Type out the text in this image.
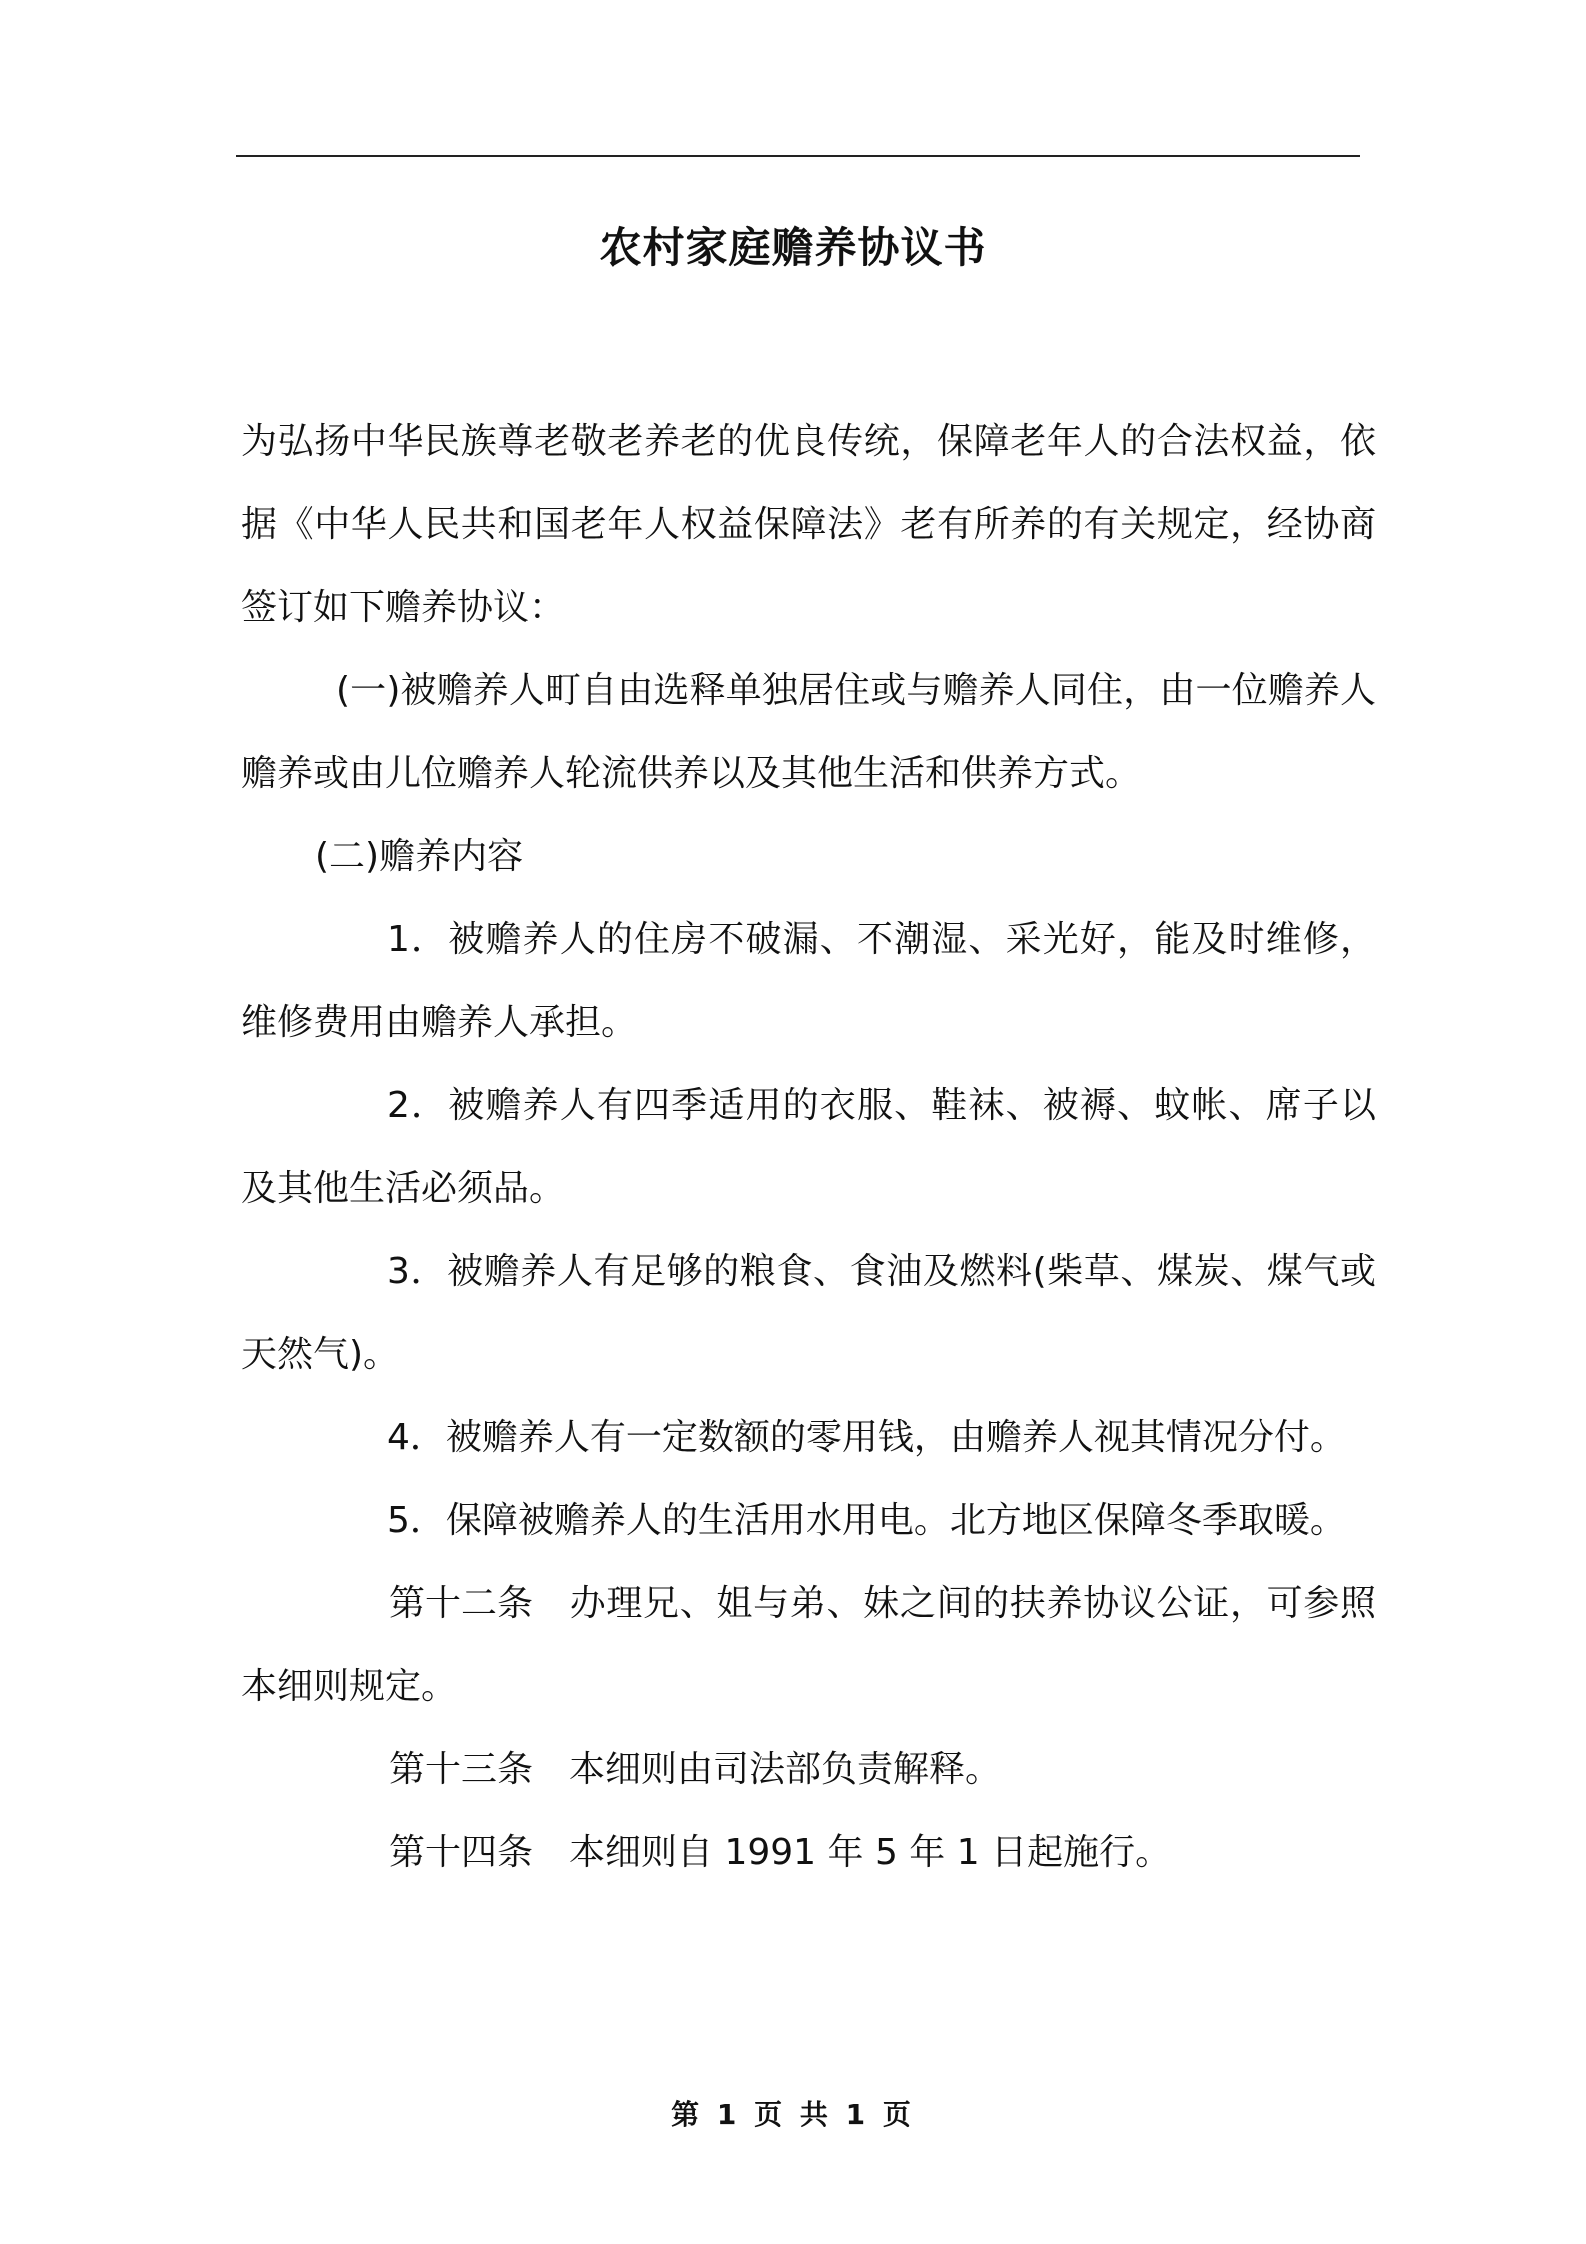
农村家庭赡养协议书

为弘扬中华民族尊老敬老养老的优良传统，保障老年人的合法权益，依据《中华人民共和国老年人权益保障法》老有所养的有关规定，经协商签订如下赡养协议：

(一)被赡养人町自由选释单独居住或与赡养人同住，由一位赡养人赡养或由儿位赡养人轮流供养以及其他生活和供养方式。

(二)赡养内容

1．被赡养人的住房不破漏、不潮湿、采光好，能及时维修，维修费用由赡养人承担。

2．被赡养人有四季适用的衣服、鞋袜、被褥、蚊帐、席子以及其他生活必须品。

3．被赡养人有足够的粮食、食油及燃料(柴草、煤炭、煤气或天然气)。

4．被赡养人有一定数额的零用钱，由赡养人视其情况分付。

5．保障被赡养人的生活用水用电。北方地区保障冬季取暖。

第十二条 办理兄、姐与弟、妹之间的扶养协议公证，可参照本细则规定。

第十三条 本细则由司法部负责解释。

第十四条 本细则自 1991 年 5 年 1 日起施行。

第 1 页 共 1 页
